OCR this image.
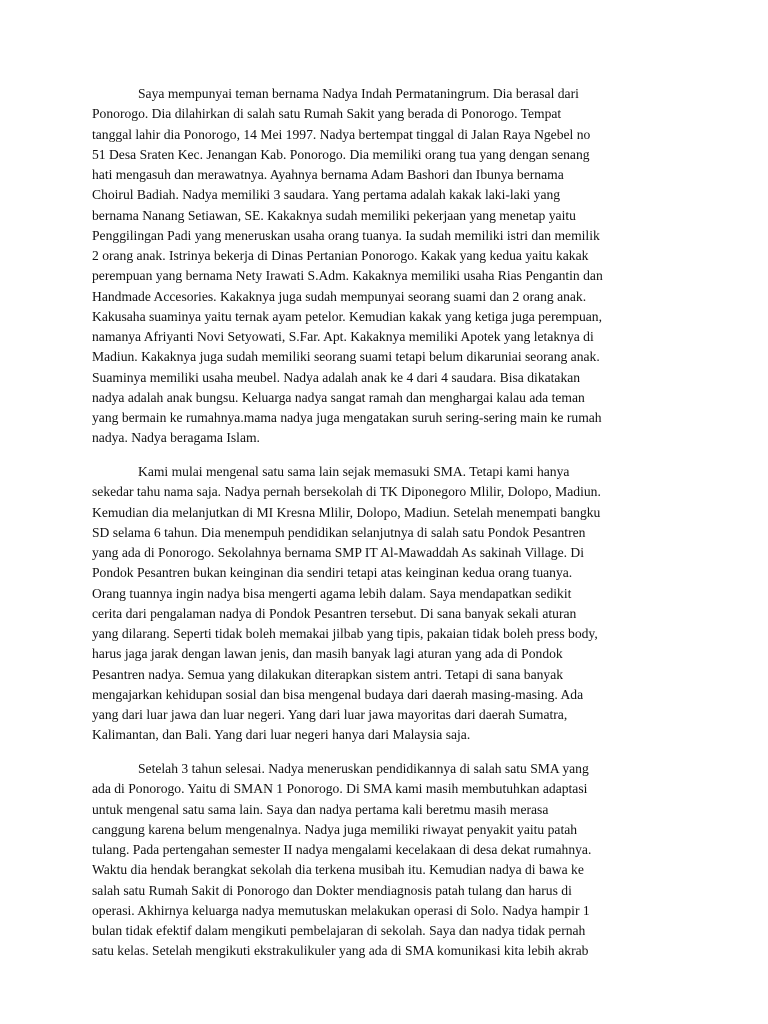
Saya mempunyai teman bernama Nadya Indah Permataningrum. Dia berasal dari
Ponorogo. Dia dilahirkan di salah satu Rumah Sakit yang berada di Ponorogo. Tempat
tanggal lahir dia Ponorogo, 14 Mei 1997. Nadya bertempat tinggal di Jalan Raya Ngebel no
51 Desa Sraten Kec. Jenangan Kab. Ponorogo. Dia memiliki orang tua yang dengan senang
hati mengasuh dan merawatnya. Ayahnya bernama Adam Bashori dan Ibunya bernama
Choirul Badiah. Nadya memiliki 3 saudara. Yang pertama adalah kakak laki-laki yang
bernama Nanang Setiawan, SE. Kakaknya sudah memiliki pekerjaan yang menetap yaitu
Penggilingan Padi yang meneruskan usaha orang tuanya. Ia sudah memiliki istri dan memilik
2 orang anak. Istrinya bekerja di Dinas Pertanian Ponorogo. Kakak yang kedua yaitu kakak
perempuan yang bernama Nety Irawati S.Adm. Kakaknya memiliki usaha Rias Pengantin dan
Handmade Accesories. Kakaknya juga sudah mempunyai seorang suami dan 2 orang anak.
Kakusaha suaminya yaitu ternak ayam petelor. Kemudian kakak yang ketiga juga perempuan,
namanya Afriyanti Novi Setyowati, S.Far. Apt. Kakaknya memiliki Apotek yang letaknya di
Madiun. Kakaknya juga sudah memiliki seorang suami tetapi belum dikaruniai seorang anak.
Suaminya memiliki usaha meubel. Nadya adalah anak ke 4 dari 4 saudara. Bisa dikatakan
nadya adalah anak bungsu. Keluarga nadya sangat ramah dan menghargai kalau ada teman
yang bermain ke rumahnya.mama nadya juga mengatakan suruh sering-sering main ke rumah
nadya. Nadya beragama Islam.

Kami mulai mengenal satu sama lain sejak memasuki SMA. Tetapi kami hanya
sekedar tahu nama saja. Nadya pernah bersekolah di TK Diponegoro Mlilir, Dolopo, Madiun.
Kemudian dia melanjutkan di MI Kresna Mlilir, Dolopo, Madiun. Setelah menempati bangku
SD selama 6 tahun. Dia menempuh pendidikan selanjutnya di salah satu Pondok Pesantren
yang ada di Ponorogo. Sekolahnya bernama SMP IT Al-Mawaddah As sakinah Village. Di
Pondok Pesantren bukan keinginan dia sendiri tetapi atas keinginan kedua orang tuanya.
Orang tuannya ingin nadya bisa mengerti agama lebih dalam. Saya mendapatkan sedikit
cerita dari pengalaman nadya di Pondok Pesantren tersebut. Di sana banyak sekali aturan
yang dilarang. Seperti tidak boleh memakai jilbab yang tipis, pakaian tidak boleh press body,
harus jaga jarak dengan lawan jenis, dan masih banyak lagi aturan yang ada di Pondok
Pesantren nadya. Semua yang dilakukan diterapkan sistem antri. Tetapi di sana banyak
mengajarkan kehidupan sosial dan bisa mengenal budaya dari daerah masing-masing. Ada
yang dari luar jawa dan luar negeri. Yang dari luar jawa mayoritas dari daerah Sumatra,
Kalimantan, dan Bali. Yang dari luar negeri hanya dari Malaysia saja.

Setelah 3 tahun selesai. Nadya meneruskan pendidikannya di salah satu SMA yang
ada di Ponorogo. Yaitu di SMAN 1 Ponorogo. Di SMA kami masih membutuhkan adaptasi
untuk mengenal satu sama lain. Saya dan nadya pertama kali beretmu masih merasa
canggung karena belum mengenalnya. Nadya juga memiliki riwayat penyakit yaitu patah
tulang. Pada pertengahan semester II nadya mengalami kecelakaan di desa dekat rumahnya.
Waktu dia hendak berangkat sekolah dia terkena musibah itu. Kemudian nadya di bawa ke
salah satu Rumah Sakit di Ponorogo dan Dokter mendiagnosis patah tulang dan harus di
operasi. Akhirnya keluarga nadya memutuskan melakukan operasi di Solo. Nadya hampir 1
bulan tidak efektif dalam mengikuti pembelajaran di sekolah. Saya dan nadya tidak pernah
satu kelas. Setelah mengikuti ekstrakulikuler yang ada di SMA komunikasi kita lebih akrab
